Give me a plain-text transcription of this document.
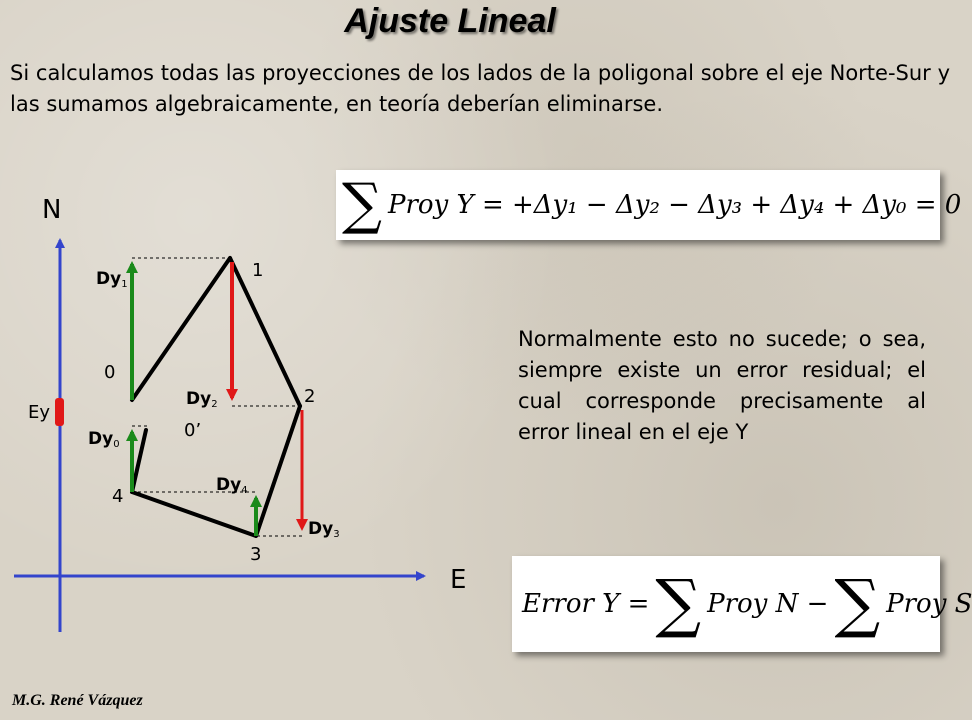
Ajuste Lineal
Si calculamos todas las proyecciones de los lados de la poligonal sobre el eje Norte-Sur y las sumamos algebraicamente, en teoría deberían eliminarse.
∑ Proy Y = +Δy₁ − Δy₂ − Δy₃ + Δy₄ + Δy₀ = 0
Normalmente esto no sucede; o sea, siempre existe un error residual; el cual corresponde precisamente al error lineal en el eje Y
Error Y = ∑ Proy N − ∑ Proy S
N
E
Ey
0
1
2
3
4
0’
Dy1
Dy2
Dy3
Dy4
Dy0
M.G. René Vázquez
